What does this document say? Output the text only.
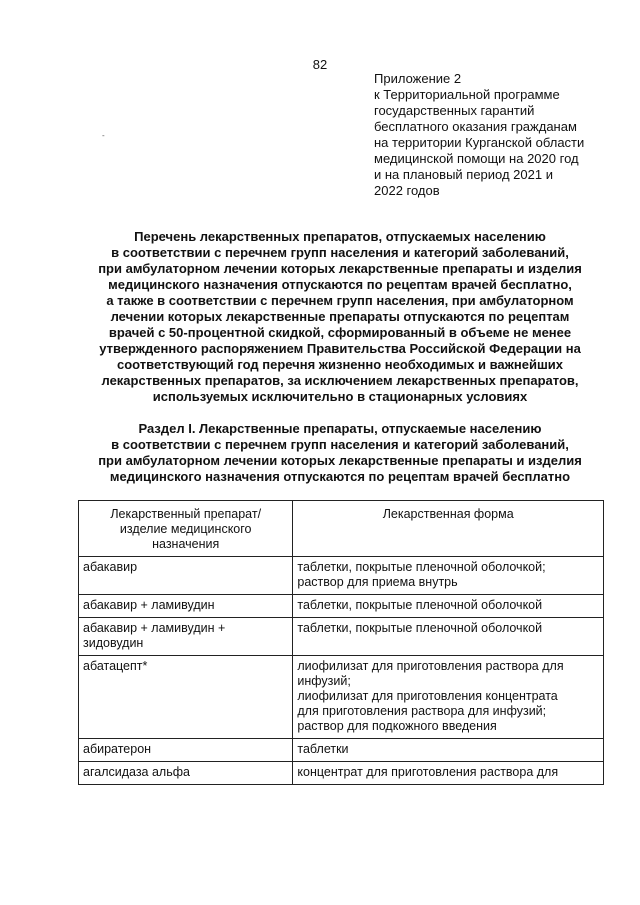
82
Приложение 2
к Территориальной программе
государственных гарантий
бесплатного оказания гражданам
на территории Курганской области
медицинской помощи на 2020 год
и на плановый период 2021 и
2022 годов
-
Перечень лекарственных препаратов, отпускаемых населению
в соответствии с перечнем групп населения и категорий заболеваний,
при амбулаторном лечении которых лекарственные препараты и изделия
медицинского назначения отпускаются по рецептам врачей бесплатно,
а также в соответствии с перечнем групп населения, при амбулаторном
лечении которых лекарственные препараты отпускаются по рецептам
врачей с 50-процентной скидкой, сформированный в объеме не менее
утвержденного распоряжением Правительства Российской Федерации на
соответствующий год перечня жизненно необходимых и важнейших
лекарственных препаратов, за исключением лекарственных препаратов,
используемых исключительно в стационарных условиях
Раздел I. Лекарственные препараты, отпускаемые населению
в соответствии с перечнем групп населения и категорий заболеваний,
при амбулаторном лечении которых лекарственные препараты и изделия
медицинского назначения отпускаются по рецептам врачей бесплатно
Лекарственный препарат/
изделие медицинского
назначения	Лекарственная форма

абакавир	таблетки, покрытые пленочной оболочкой;
раствор для приема внутрь

абакавир + ламивудин	таблетки, покрытые пленочной оболочкой

абакавир + ламивудин +
зидовудин	таблетки, покрытые пленочной оболочкой

абатацепт*	лиофилизат для приготовления раствора для
инфузий;
лиофилизат для приготовления концентрата
для приготовления раствора для инфузий;
раствор для подкожного введения

абиратерон	таблетки

агалсидаза альфа	концентрат для приготовления раствора для
